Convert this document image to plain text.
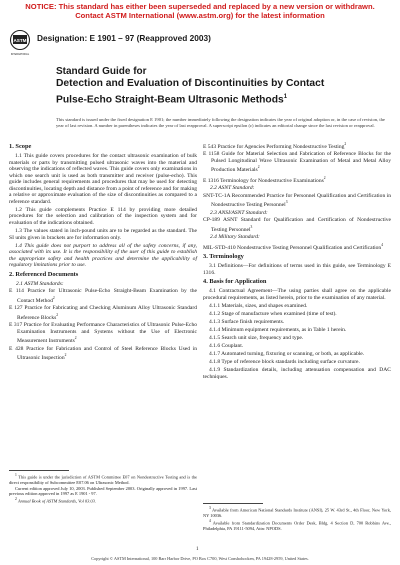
NOTICE: This standard has either been superseded and replaced by a new version or withdrawn.
Contact ASTM International (www.astm.org) for the latest information
ASTM
INTERNATIONAL
Designation: E 1901 – 97 (Reapproved 2003)
Standard Guide for
Detection and Evaluation of Discontinuities by Contact
Pulse-Echo Straight-Beam Ultrasonic Methods$^1$
This standard is issued under the fixed designation E 1901; the number immediately following the designation indicates the year of original adoption or, in the case of revision, the year of last revision. A number in parentheses indicates the year of last reapproval. A superscript epsilon (ε) indicates an editorial change since the last revision or reapproval.
1. Scope

1.1 This guide covers procedures for the contact ultrasonic examination of bulk materials or parts by transmitting pulsed ultrasonic waves into the material and observing the indications of reflected waves. This guide covers only examinations in which one search unit is used as both transmitter and receiver (pulse-echo). This guide includes general requirements and procedures that may be used for detecting discontinuities, locating depth and distance from a point of reference and for making a relative or approximate evaluation of the size of discontinuities as compared to a reference standard.

1.2 This guide complements Practice E 114 by providing more detailed procedures for the selection and calibration of the inspection system and for evaluation of the indications obtained.

1.3 The values stated in inch-pound units are to be regarded as the standard. The SI units given in brackets are for information only.

1.4 This guide does not purport to address all of the safety concerns, if any, associated with its use. It is the responsibility of the user of this guide to establish the appropriate safety and health practices and determine the applicability of regulatory limitations prior to use.

2. Referenced Documents

2.1 ASTM Standards:

E 114 Practice for Ultrasonic Pulse-Echo Straight-Beam Examination by the Contact Method$^2$

E 127 Practice for Fabricating and Checking Aluminum Alloy Ultrasonic Standard Reference Blocks$^2$

E 317 Practice for Evaluating Performance Characteristics of Ultrasonic Pulse-Echo Examination Instruments and Systems without the Use of Electronic Measurement Instruments$^2$

E 428 Practice for Fabrication and Control of Steel Reference Blocks Used in Ultrasonic Inspection$^2$

$^1$ This guide is under the jurisdiction of ASTM Committee E07 on Nondestructive Testing and is the direct responsibility of Subcommittee E07.06 on Ultrasonic Method.

Current edition approved July 10, 2003. Published September 2003. Originally approved in 1997. Last previous edition approved in 1997 as E 1901 - 97.

$^2$ Annual Book of ASTM Standards, Vol 03.03.

E 543 Practice for Agencies Performing Nondestructive Testing$^2$

E 1158 Guide for Material Selection and Fabrication of Reference Blocks for the Pulsed Longitudinal Wave Ultrasonic Examination of Metal and Metal Alloy Production Materials$^2$

E 1316 Terminology for Nondestructive Examinations$^2$

2.2 ASNT Standard:

SNT-TC-1A Recommended Practice for Personnel Qualification and Certification in Nondestructive Testing Personnel$^3$

2.3 ANSI/ASNT Standard:

CP-189 ASNT Standard for Qualification and Certification of Nondestructive Testing Personnel$^3$

2.4 Military Standard:

MIL-STD-410 Nondestructive Testing Personnel Qualification and Certification$^4$

3. Terminology

3.1 Definitions—For definitions of terms used in this guide, see Terminology E 1316.

4. Basis for Application

4.1 Contractual Agreement—The using parties shall agree on the applicable procedural requirements, as listed herein, prior to the examination of any material.

4.1.1 Materials, sizes, and shapes examined.

4.1.2 Stage of manufacture when examined (time of test).

4.1.3 Surface finish requirements.

4.1.4 Minimum equipment requirements, as in Table 1 herein.

4.1.5 Search unit size, frequency and type.

4.1.6 Couplant.

4.1.7 Automated turning, fixturing or scanning, or both, as applicable.

4.1.8 Type of reference block standards including surface curvature.

4.1.9 Standardization details, including attenuation compensation and DAC techniques.

$^3$ Available from American National Standards Institute (ANSI), 25 W. 43rd St., 4th Floor, New York, NY 10036.

$^4$ Available from Standardization Documents Order Desk, Bldg. 4 Section D, 700 Robbins Ave., Philadelphia, PA 19111-5094, Attn: NPODS.

1
Copyright © ASTM International, 100 Barr Harbor Drive, PO Box C700, West Conshohocken, PA 19428-2959, United States.
